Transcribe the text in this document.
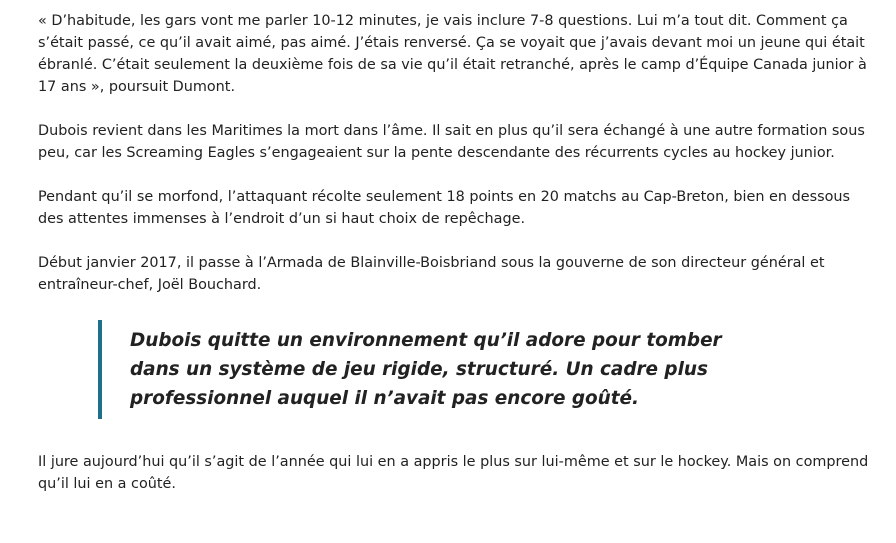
« D’habitude, les gars vont me parler 10-12 minutes, je vais inclure 7-8 questions. Lui m’a tout dit. Comment ça s’était passé, ce qu’il avait aimé, pas aimé. J’étais renversé. Ça se voyait que j’avais devant moi un jeune qui était ébranlé. C’était seulement la deuxième fois de sa vie qu’il était retranché, après le camp d’Équipe Canada junior à 17 ans », poursuit Dumont.

Dubois revient dans les Maritimes la mort dans l’âme. Il sait en plus qu’il sera échangé à une autre formation sous peu, car les Screaming Eagles s’engageaient sur la pente descendante des récurrents cycles au hockey junior.

Pendant qu’il se morfond, l’attaquant récolte seulement 18 points en 20 matchs au Cap-Breton, bien en dessous des attentes immenses à l’endroit d’un si haut choix de repêchage.

Début janvier 2017, il passe à l’Armada de Blainville-Boisbriand sous la gouverne de son directeur général et entraîneur-chef, Joël Bouchard.

Dubois quitte un environnement qu’il adore pour tomber dans un système de jeu rigide, structuré. Un cadre plus professionnel auquel il n’avait pas encore goûté.

Il jure aujourd’hui qu’il s’agit de l’année qui lui en a appris le plus sur lui-même et sur le hockey. Mais on comprend qu’il lui en a coûté.
